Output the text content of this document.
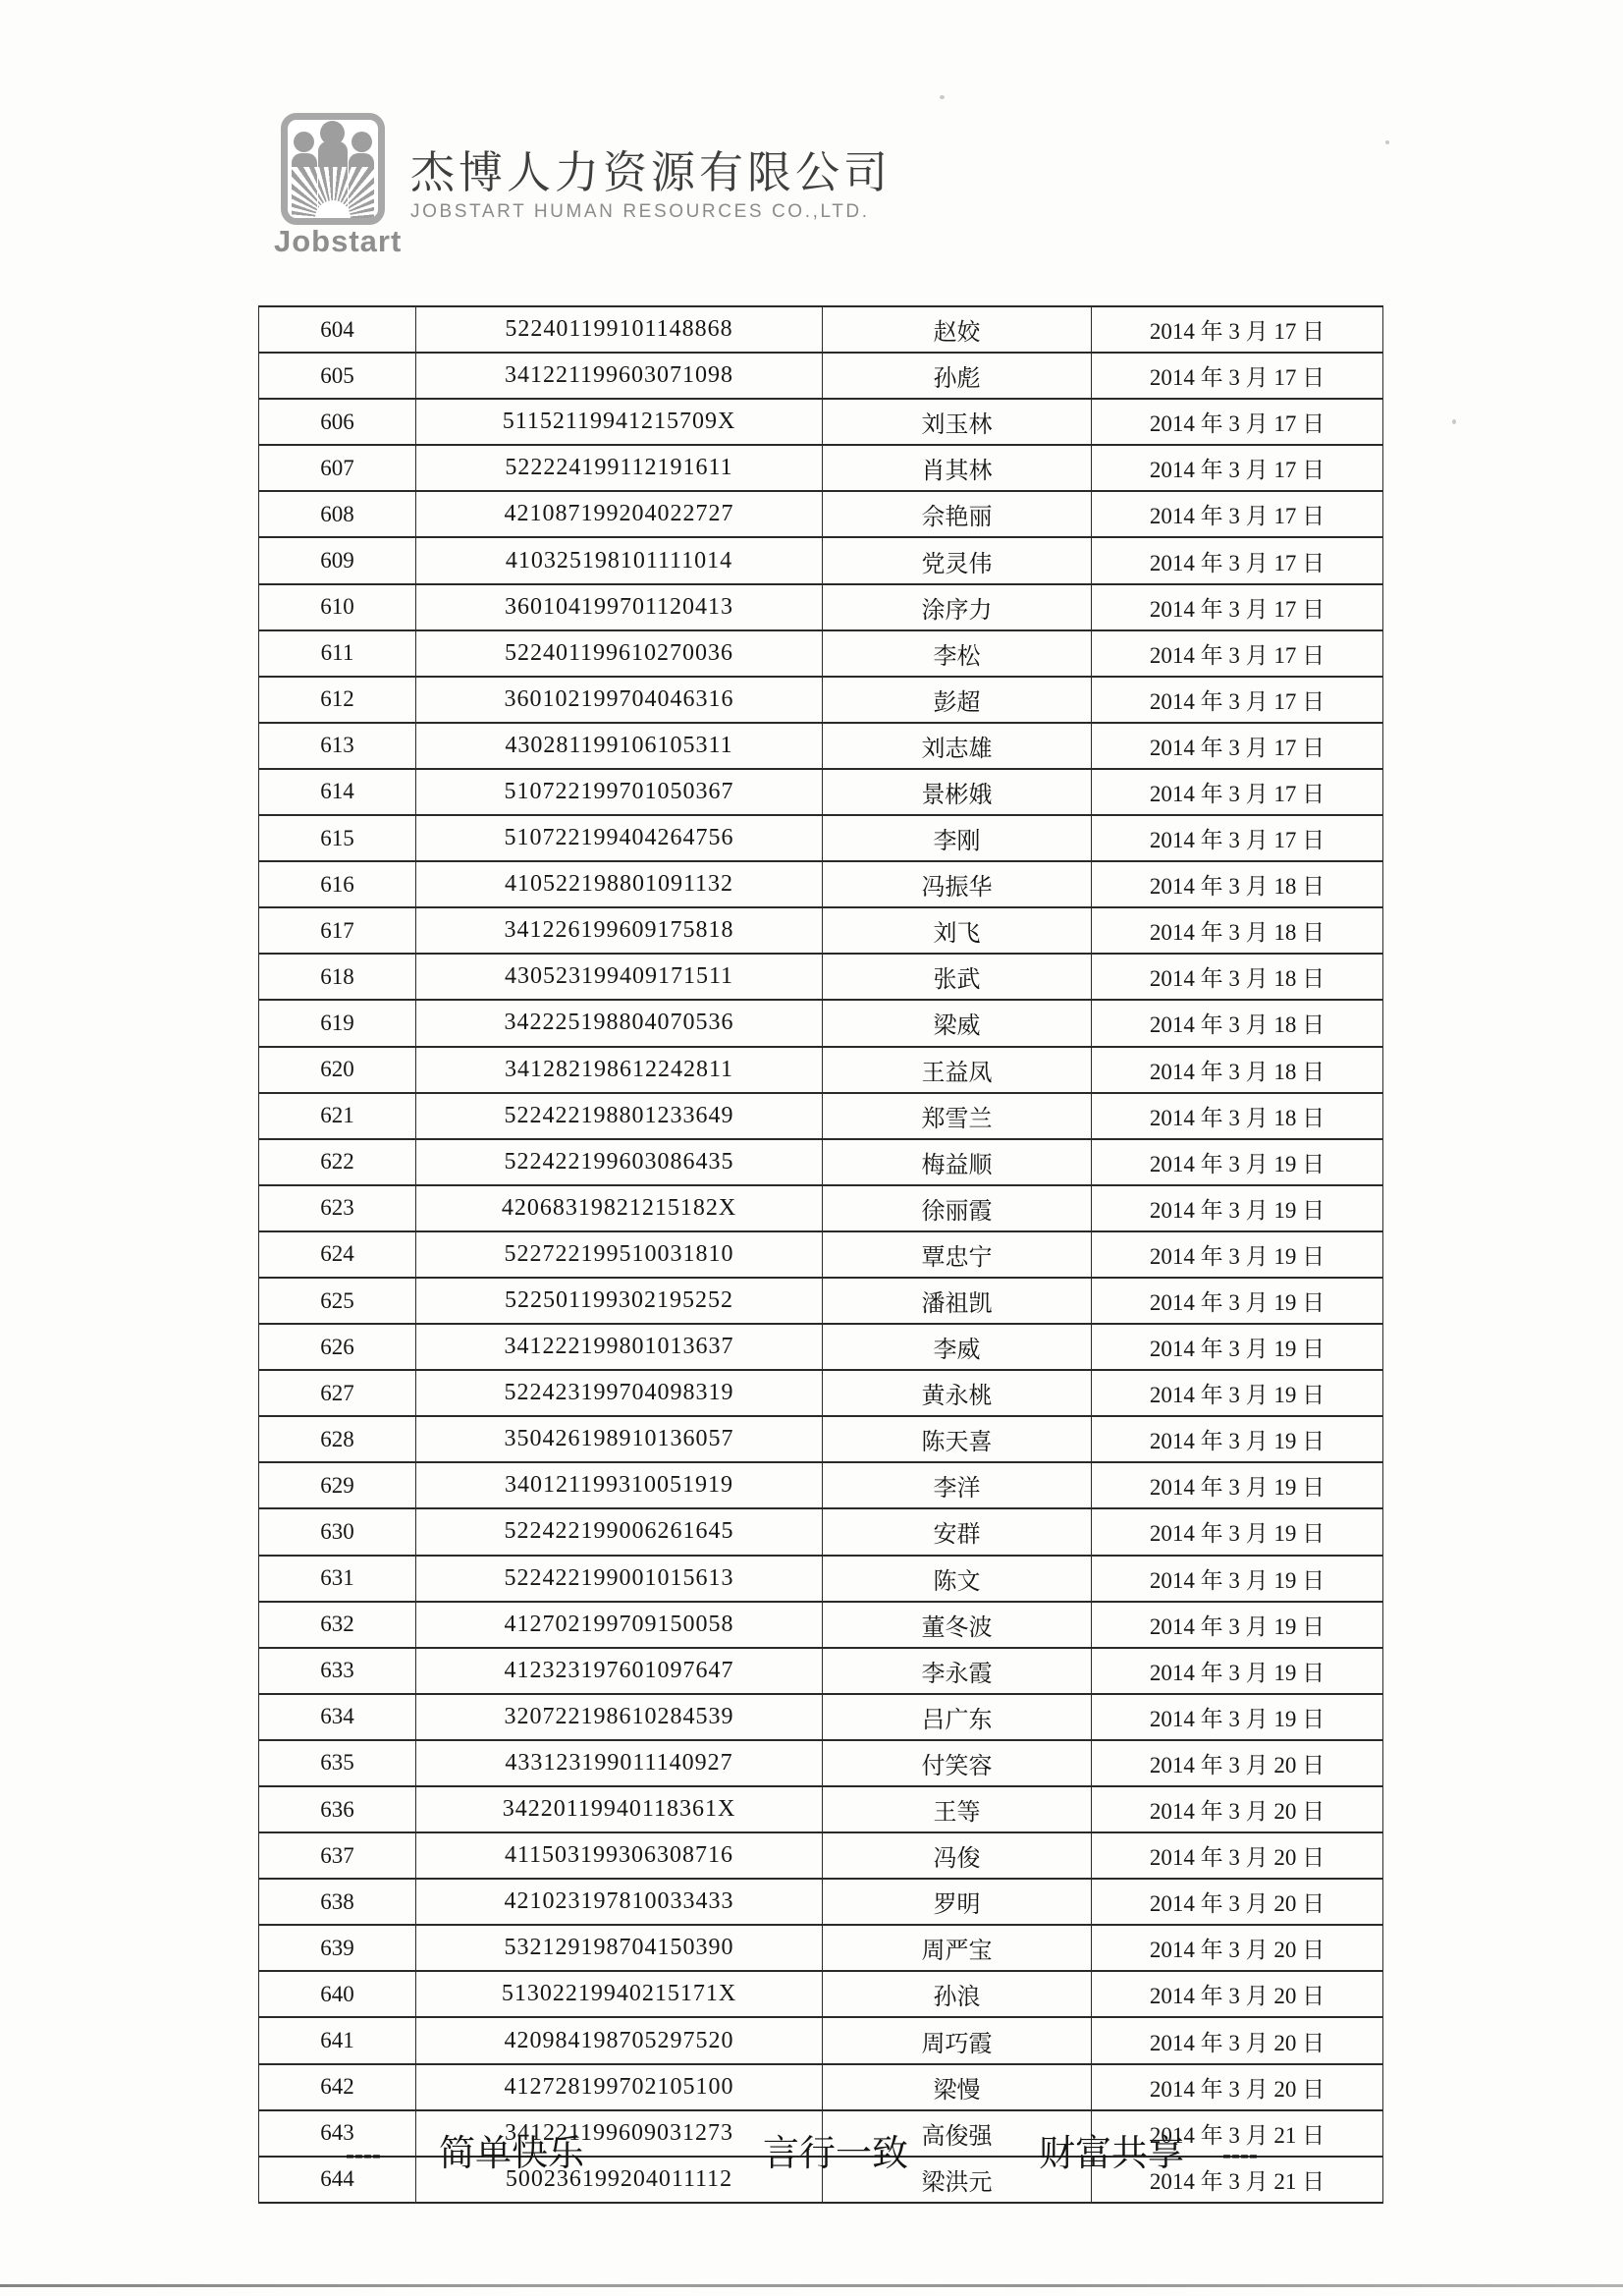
Jobstart
杰博人力资源有限公司
JOBSTART HUMAN RESOURCES CO.,LTD.
604	522401199101148868	赵姣	2014 年 3 月 17 日
605	341221199603071098	孙彪	2014 年 3 月 17 日
606	51152119941215709X	刘玉林	2014 年 3 月 17 日
607	522224199112191611	肖其林	2014 年 3 月 17 日
608	421087199204022727	佘艳丽	2014 年 3 月 17 日
609	410325198101111014	党灵伟	2014 年 3 月 17 日
610	360104199701120413	涂序力	2014 年 3 月 17 日
611	522401199610270036	李松	2014 年 3 月 17 日
612	360102199704046316	彭超	2014 年 3 月 17 日
613	430281199106105311	刘志雄	2014 年 3 月 17 日
614	510722199701050367	景彬娥	2014 年 3 月 17 日
615	510722199404264756	李刚	2014 年 3 月 17 日
616	410522198801091132	冯振华	2014 年 3 月 18 日
617	341226199609175818	刘飞	2014 年 3 月 18 日
618	430523199409171511	张武	2014 年 3 月 18 日
619	342225198804070536	梁威	2014 年 3 月 18 日
620	341282198612242811	王益凤	2014 年 3 月 18 日
621	522422198801233649	郑雪兰	2014 年 3 月 18 日
622	522422199603086435	梅益顺	2014 年 3 月 19 日
623	42068319821215182X	徐丽霞	2014 年 3 月 19 日
624	522722199510031810	覃忠宁	2014 年 3 月 19 日
625	522501199302195252	潘祖凯	2014 年 3 月 19 日
626	341222199801013637	李威	2014 年 3 月 19 日
627	522423199704098319	黄永桃	2014 年 3 月 19 日
628	350426198910136057	陈天喜	2014 年 3 月 19 日
629	340121199310051919	李洋	2014 年 3 月 19 日
630	522422199006261645	安群	2014 年 3 月 19 日
631	522422199001015613	陈文	2014 年 3 月 19 日
632	412702199709150058	董冬波	2014 年 3 月 19 日
633	412323197601097647	李永霞	2014 年 3 月 19 日
634	320722198610284539	吕广东	2014 年 3 月 19 日
635	433123199011140927	付笑容	2014 年 3 月 20 日
636	34220119940118361X	王等	2014 年 3 月 20 日
637	411503199306308716	冯俊	2014 年 3 月 20 日
638	421023197810033433	罗明	2014 年 3 月 20 日
639	532129198704150390	周严宝	2014 年 3 月 20 日
640	51302219940215171X	孙浪	2014 年 3 月 20 日
641	420984198705297520	周巧霞	2014 年 3 月 20 日
642	412728199702105100	梁慢	2014 年 3 月 20 日
643	341221199609031273	高俊强	2014 年 3 月 21 日
644	500236199204011112	梁洪元	2014 年 3 月 21 日
---- 简单快乐	言行一致	财富共享 ----
